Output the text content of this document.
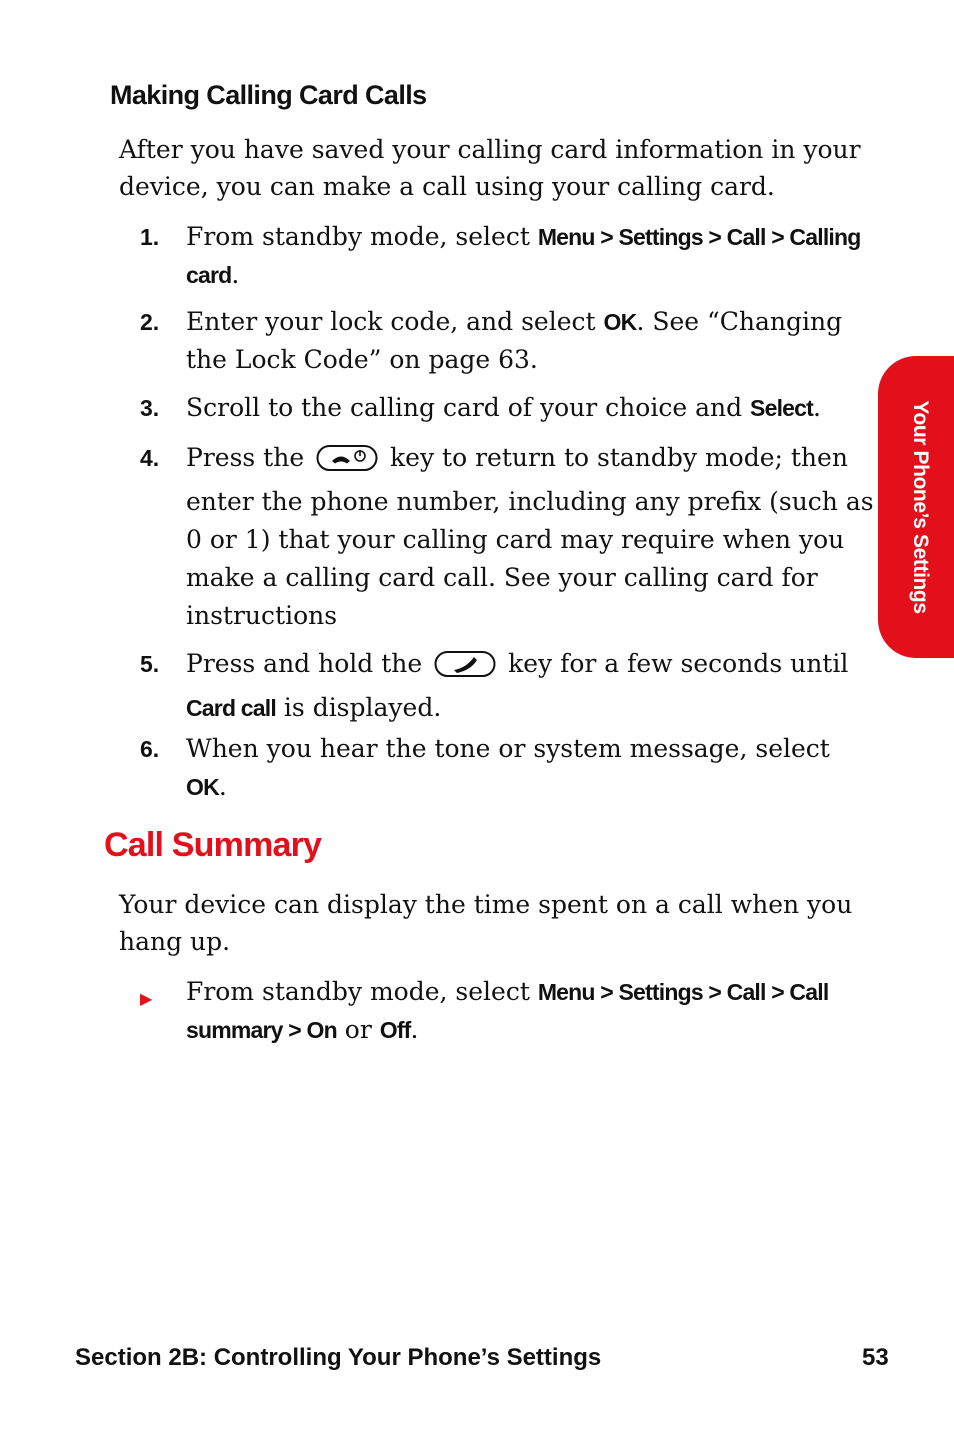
Making Calling Card Calls

After you have saved your calling card information in your device, you can make a call using your calling card.

1. From standby mode, select Menu > Settings > Call > Calling card.
2. Enter your lock code, and select OK. See “Changing the Lock Code” on page 63.
3. Scroll to the calling card of your choice and Select.
4. Press the	key to return to standby mode; then enter the phone number, including any prefix (such as 0 or 1) that your calling card may require when you make a calling card call. See your calling card for instructions
5. Press and hold the	key for a few seconds until Card call is displayed.
6. When you hear the tone or system message, select OK.
Call Summary

Your device can display the time spent on a call when you hang up.

▶ From standby mode, select Menu > Settings > Call > Call summary > On or Off.
Your Phone’s Settings
Section 2B: Controlling Your Phone’s Settings	53
